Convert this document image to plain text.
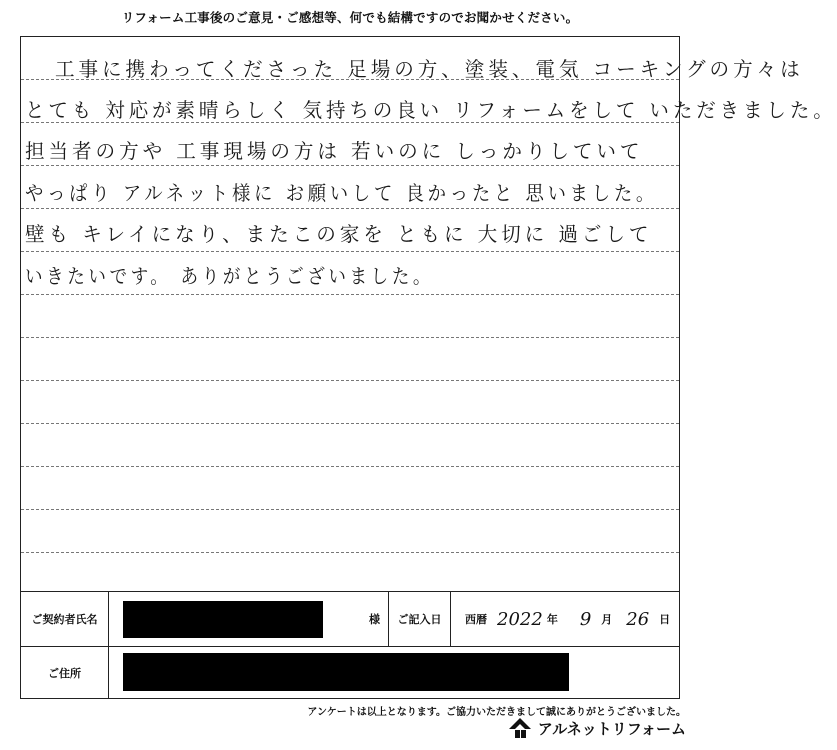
リフォーム工事後のご意見・ご感想等、何でも結構ですのでお聞かせください。
工事に携わってくださった 足場の方、塗装、電気 コーキングの方々は
とても 対応が素晴らしく 気持ちの良い リフォームをして いただきました。
担当者の方や 工事現場の方は 若いのに しっかりしていて
やっぱり アルネット様に お願いして 良かったと 思いました。
壁も キレイになり、またこの家を ともに 大切に 過ごして
いきたいです。 ありがとうございました。
ご契約者氏名	様	ご記入日	西暦 2022 年 9 月 26 日
ご住所
アンケートは以上となります。ご協力いただきまして誠にありがとうございました。
アルネットリフォーム
